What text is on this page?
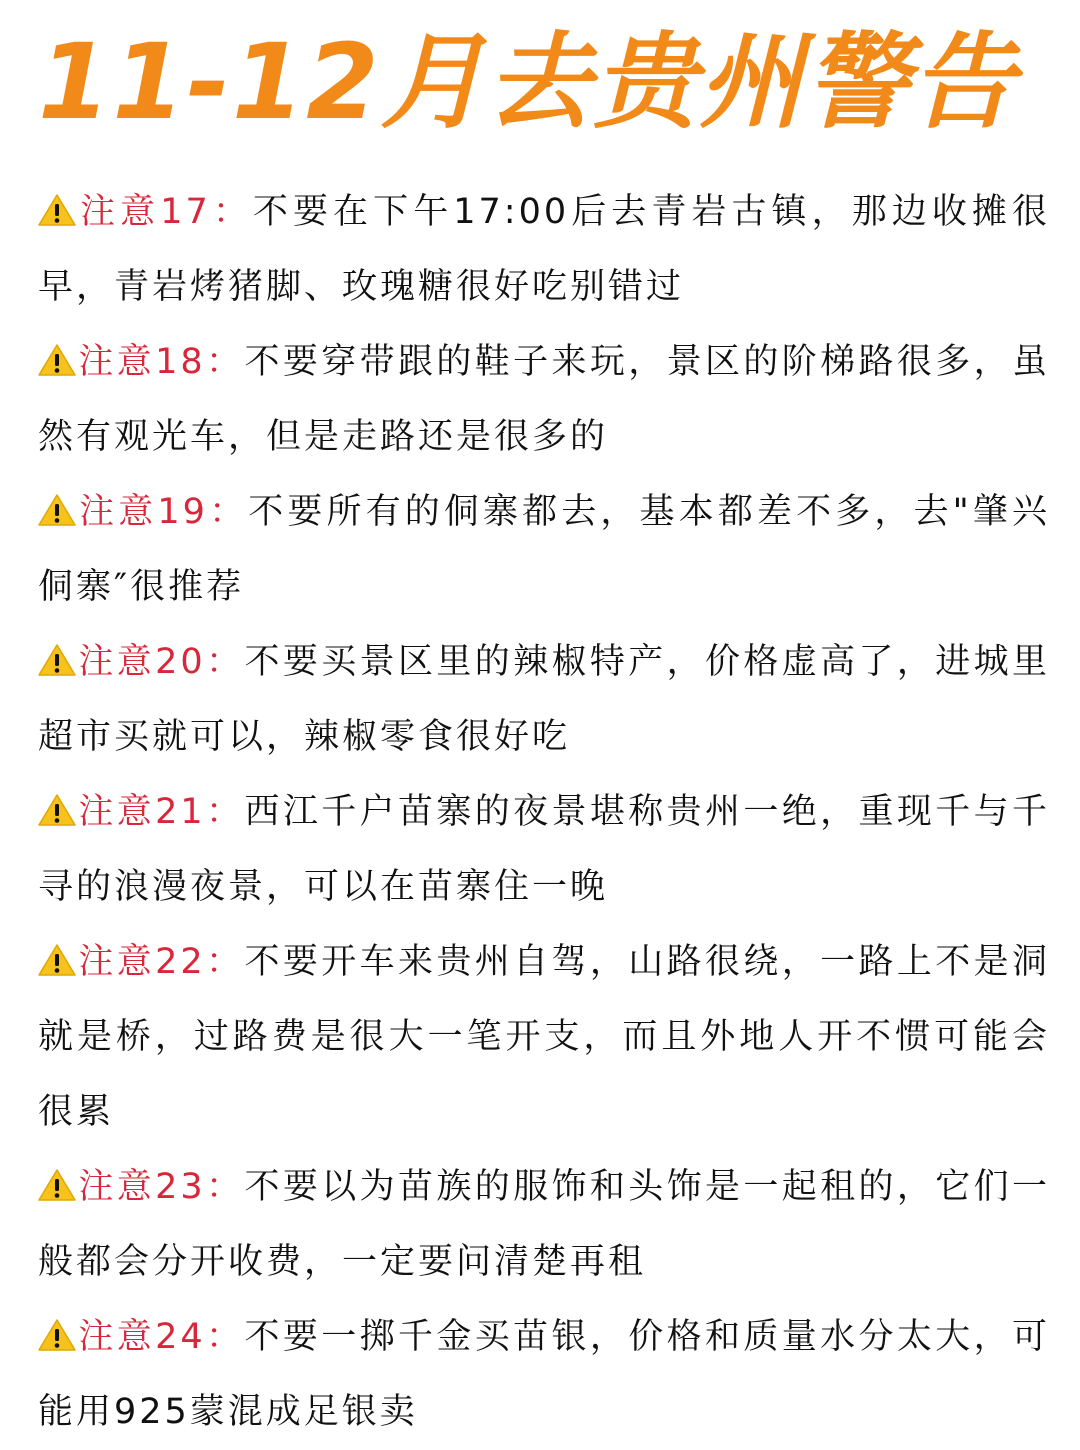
11-12月去贵州警告

注意17：不要在下午17:00后去青岩古镇，那边收摊很早，青岩烤猪脚、玫瑰糖很好吃别错过

注意18：不要穿带跟的鞋子来玩，景区的阶梯路很多，虽然有观光车，但是走路还是很多的

注意19：不要所有的侗寨都去，基本都差不多，去"肇兴侗寨″很推荐

注意20：不要买景区里的辣椒特产，价格虚高了，进城里超市买就可以，辣椒零食很好吃

注意21：西江千户苗寨的夜景堪称贵州一绝，重现千与千寻的浪漫夜景，可以在苗寨住一晚

注意22：不要开车来贵州自驾，山路很绕，一路上不是洞就是桥，过路费是很大一笔开支，而且外地人开不惯可能会很累

注意23：不要以为苗族的服饰和头饰是一起租的，它们一般都会分开收费，一定要问清楚再租

注意24：不要一掷千金买苗银，价格和质量水分太大，可能用925蒙混成足银卖
